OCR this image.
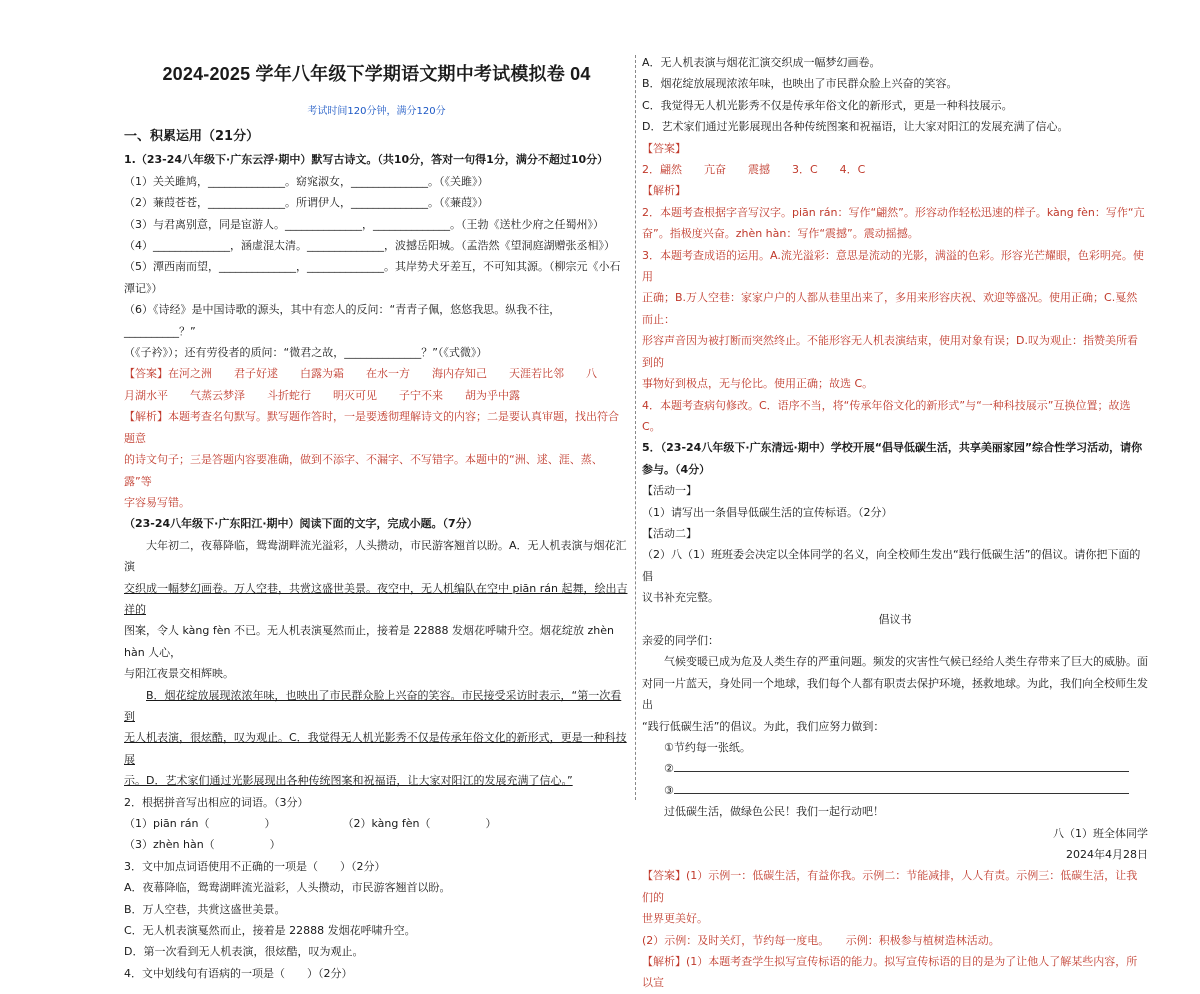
2024-2025 学年八年级下学期语文期中考试模拟卷 04
考试时间120分钟，满分120分

一、积累运用（21分）

1.（23-24八年级下·广东云浮·期中）默写古诗文。（共10分，答对一句得1分，满分不超过10分）

（1）关关雎鸠，______________。窈窕淑女，______________。（《关雎》）

（2）蒹葭苍苍，______________。所谓伊人，______________。（《蒹葭》）

（3）与君离别意，同是宦游人。______________，______________。（王勃《送杜少府之任蜀州》）

（4）______________，涵虚混太清。______________，波撼岳阳城。（孟浩然《望洞庭湖赠张丞相》）

（5）潭西南而望，______________，______________。其岸势犬牙差互，不可知其源。（柳宗元《小石

潭记》）

（6）《诗经》是中国诗歌的源头，其中有恋人的反问：“青青子佩，悠悠我思。纵我不往，__________？”

（《子衿》）；还有劳役者的质问：“微君之故，______________？”（《式微》）

【答案】在河之洲　　君子好逑　　白露为霜　　在水一方　　海内存知己　　天涯若比邻　　八

月湖水平　　气蒸云梦泽　　斗折蛇行　　明灭可见　　子宁不来　　胡为乎中露

【解析】本题考查名句默写。默写题作答时，一是要透彻理解诗文的内容；二是要认真审题，找出符合题意

的诗文句子；三是答题内容要准确，做到不添字、不漏字、不写错字。本题中的“洲、逑、涯、蒸、露”等

字容易写错。

（23-24八年级下·广东阳江·期中）阅读下面的文字，完成小题。（7分）

大年初二，夜幕降临，鸳鸯湖畔流光溢彩，人头攒动，市民游客翘首以盼。A．无人机表演与烟花汇演

交织成一幅梦幻画卷。万人空巷，共赏这盛世美景。夜空中，无人机编队在空中 piān rán 起舞，绘出吉祥的

图案，令人 kàng fèn 不已。无人机表演戛然而止，接着是 22888 发烟花呼啸升空。烟花绽放 zhèn hàn 人心，

与阳江夜景交相辉映。

B．烟花绽放展现浓浓年味，也映出了市民群众脸上兴奋的笑容。市民接受采访时表示，“第一次看到

无人机表演，很炫酷，叹为观止。C．我觉得无人机光影秀不仅是传承年俗文化的新形式，更是一种科技展

示。D．艺术家们通过光影展现出各种传统图案和祝福语，让大家对阳江的发展充满了信心。”

2．根据拼音写出相应的词语。（3分）

（1）piān rán（　　　　　）	（2）kàng fèn（　　　　　）

（3）zhèn hàn（　　　　　）

3．文中加点词语使用不正确的一项是（　　）（2分）

A．夜幕降临，鸳鸯湖畔流光溢彩，人头攒动，市民游客翘首以盼。

B．万人空巷，共赏这盛世美景。

C．无人机表演戛然而止，接着是 22888 发烟花呼啸升空。

D．第一次看到无人机表演，很炫酷，叹为观止。

4．文中划线句有语病的一项是（　　）（2分）

A．无人机表演与烟花汇演交织成一幅梦幻画卷。

B．烟花绽放展现浓浓年味，也映出了市民群众脸上兴奋的笑容。

C．我觉得无人机光影秀不仅是传承年俗文化的新形式，更是一种科技展示。

D．艺术家们通过光影展现出各种传统图案和祝福语，让大家对阳江的发展充满了信心。

【答案】

2．翩然　　亢奋　　震撼　　3．C　　4．C

【解析】

2．本题考查根据字音写汉字。piān rán：写作“翩然”。形容动作轻松迅速的样子。kàng fèn：写作“亢

奋”。指极度兴奋。zhèn hàn：写作“震撼”。震动摇撼。

3．本题考查成语的运用。A.流光溢彩：意思是流动的光影，满溢的色彩。形容光芒耀眼，色彩明亮。使用

正确；B.万人空巷：家家户户的人都从巷里出来了，多用来形容庆祝、欢迎等盛况。使用正确；C.戛然而止：

形容声音因为被打断而突然终止。不能形容无人机表演结束，使用对象有误；D.叹为观止：指赞美所看到的

事物好到极点，无与伦比。使用正确；故选 C。

4．本题考查病句修改。C．语序不当，将“传承年俗文化的新形式”与“一种科技展示”互换位置；故选 C。

5．（23-24八年级下·广东清远·期中）学校开展“倡导低碳生活，共享美丽家园”综合性学习活动，请你

参与。（4分）

【活动一】

（1）请写出一条倡导低碳生活的宣传标语。（2分）

【活动二】

（2）八（1）班班委会决定以全体同学的名义，向全校师生发出“践行低碳生活”的倡议。请你把下面的倡

议书补充完整。

倡议书

亲爱的同学们：

气候变暖已成为危及人类生存的严重问题。频发的灾害性气候已经给人类生存带来了巨大的威胁。面

对同一片蓝天，身处同一个地球，我们每个人都有职责去保护环境，拯救地球。为此，我们向全校师生发出

“践行低碳生活”的倡议。为此，我们应努力做到：

①节约每一张纸。

②

③

过低碳生活，做绿色公民！我们一起行动吧！

八（1）班全体同学

2024年4月28日

【答案】(1）示例一：低碳生活，有益你我。示例二：节能减排，人人有责。示例三：低碳生活，让我们的

世界更美好。

(2）示例：及时关灯，节约每一度电。　　示例：积极参与植树造林活动。

【解析】(1）本题考查学生拟写宣传标语的能力。拟写宣传标语的目的是为了让他人了解某些内容，所以宣
